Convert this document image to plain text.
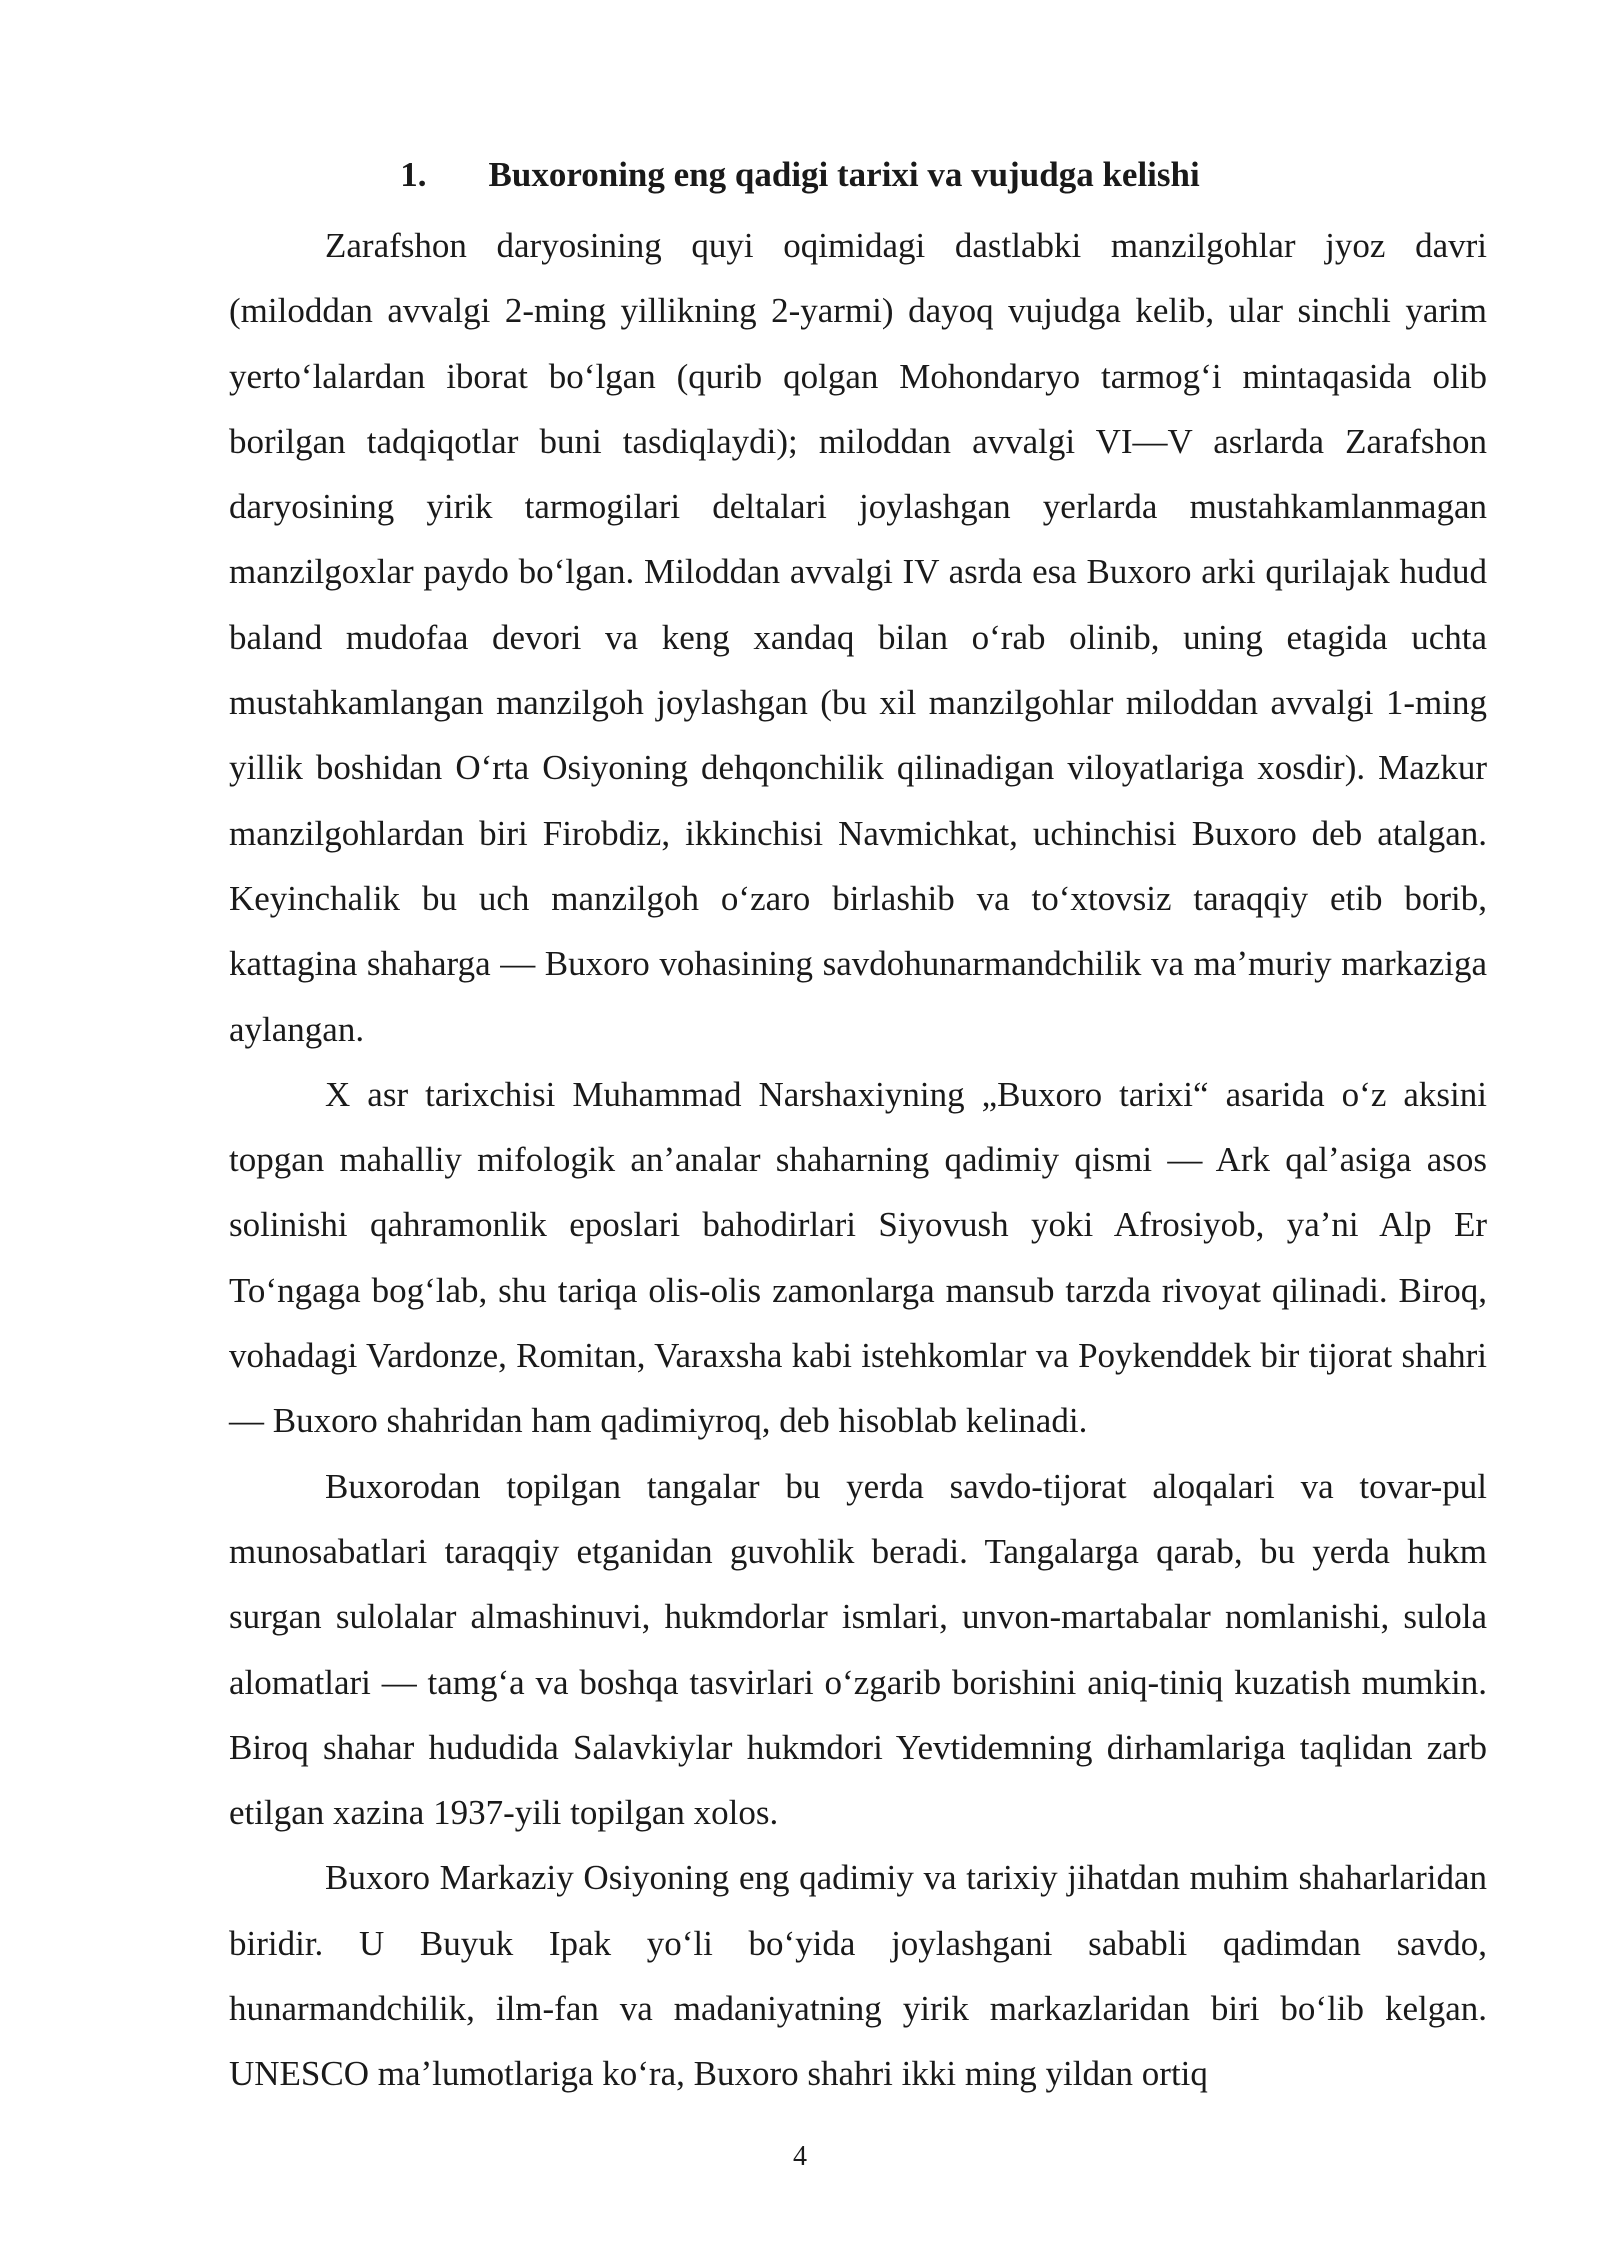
1. Buxoroning eng qadigi tarixi va vujudga kelishi

Zarafshon daryosining quyi oqimidagi dastlabki manzilgohlar jyoz davri (miloddan avvalgi 2-ming yillikning 2-yarmi) dayoq vujudga kelib, ular sinchli yarim yerto‘lalardan iborat bo‘lgan (qurib qolgan Mohondaryo tarmog‘i mintaqasida olib borilgan tadqiqotlar buni tasdiqlaydi); miloddan avvalgi VI—V asrlarda Zarafshon daryosining yirik tarmogilari deltalari joylashgan yerlarda mustahkamlanmagan manzilgoxlar paydo bo‘lgan. Miloddan avvalgi IV asrda esa Buxoro arki qurilajak hudud baland mudofaa devori va keng xandaq bilan o‘rab olinib, uning etagida uchta mustahkamlangan manzilgoh joylashgan (bu xil manzilgohlar miloddan avvalgi 1-ming yillik boshidan O‘rta Osiyoning dehqonchilik qilinadigan viloyatlariga xosdir). Mazkur manzilgohlardan biri Firobdiz, ikkinchisi Navmichkat, uchinchisi Buxoro deb atalgan. Keyinchalik bu uch manzilgoh oʻzaro birlashib va toʻxtovsiz taraqqiy etib borib, kattagina shaharga — Buxoro vohasining savdohunarmandchilik va maʼmuriy markaziga aylangan.

X asr tarixchisi Muhammad Narshaxiyning „Buxoro tarixi“ asarida oʻz aksini topgan mahalliy mifologik anʼanalar shaharning qadimiy qismi — Ark qalʼasiga asos solinishi qahramonlik eposlari bahodirlari Siyovush yoki Afrosiyob, yaʼni Alp Er Toʻngaga bogʻlab, shu tariqa olis-olis zamonlarga mansub tarzda rivoyat qilinadi. Biroq, vohadagi Vardonze, Romitan, Varaxsha kabi istehkomlar va Poykenddek bir tijorat shahri — Buxoro shahridan ham qadimiyroq, deb hisoblab kelinadi.

Buxorodan topilgan tangalar bu yerda savdo-tijorat aloqalari va tovar-pul munosabatlari taraqqiy etganidan guvohlik beradi. Tangalarga qarab, bu yerda hukm surgan sulolalar almashinuvi, hukmdorlar ismlari, unvon-martabalar nomlanishi, sulola alomatlari — tamgʻa va boshqa tasvirlari oʻzgarib borishini aniq-tiniq kuzatish mumkin. Biroq shahar hududida Salavkiylar hukmdori Yevtidemning dirhamlariga taqlidan zarb etilgan xazina 1937-yili topilgan xolos.

Buxoro Markaziy Osiyoning eng qadimiy va tarixiy jihatdan muhim shaharlaridan biridir. U Buyuk Ipak yoʻli boʻyida joylashgani sababli qadimdan savdo, hunarmandchilik, ilm-fan va madaniyatning yirik markazlaridan biri boʻlib kelgan. UNESCO maʼlumotlariga koʻra, Buxoro shahri ikki ming yildan ortiq

4
